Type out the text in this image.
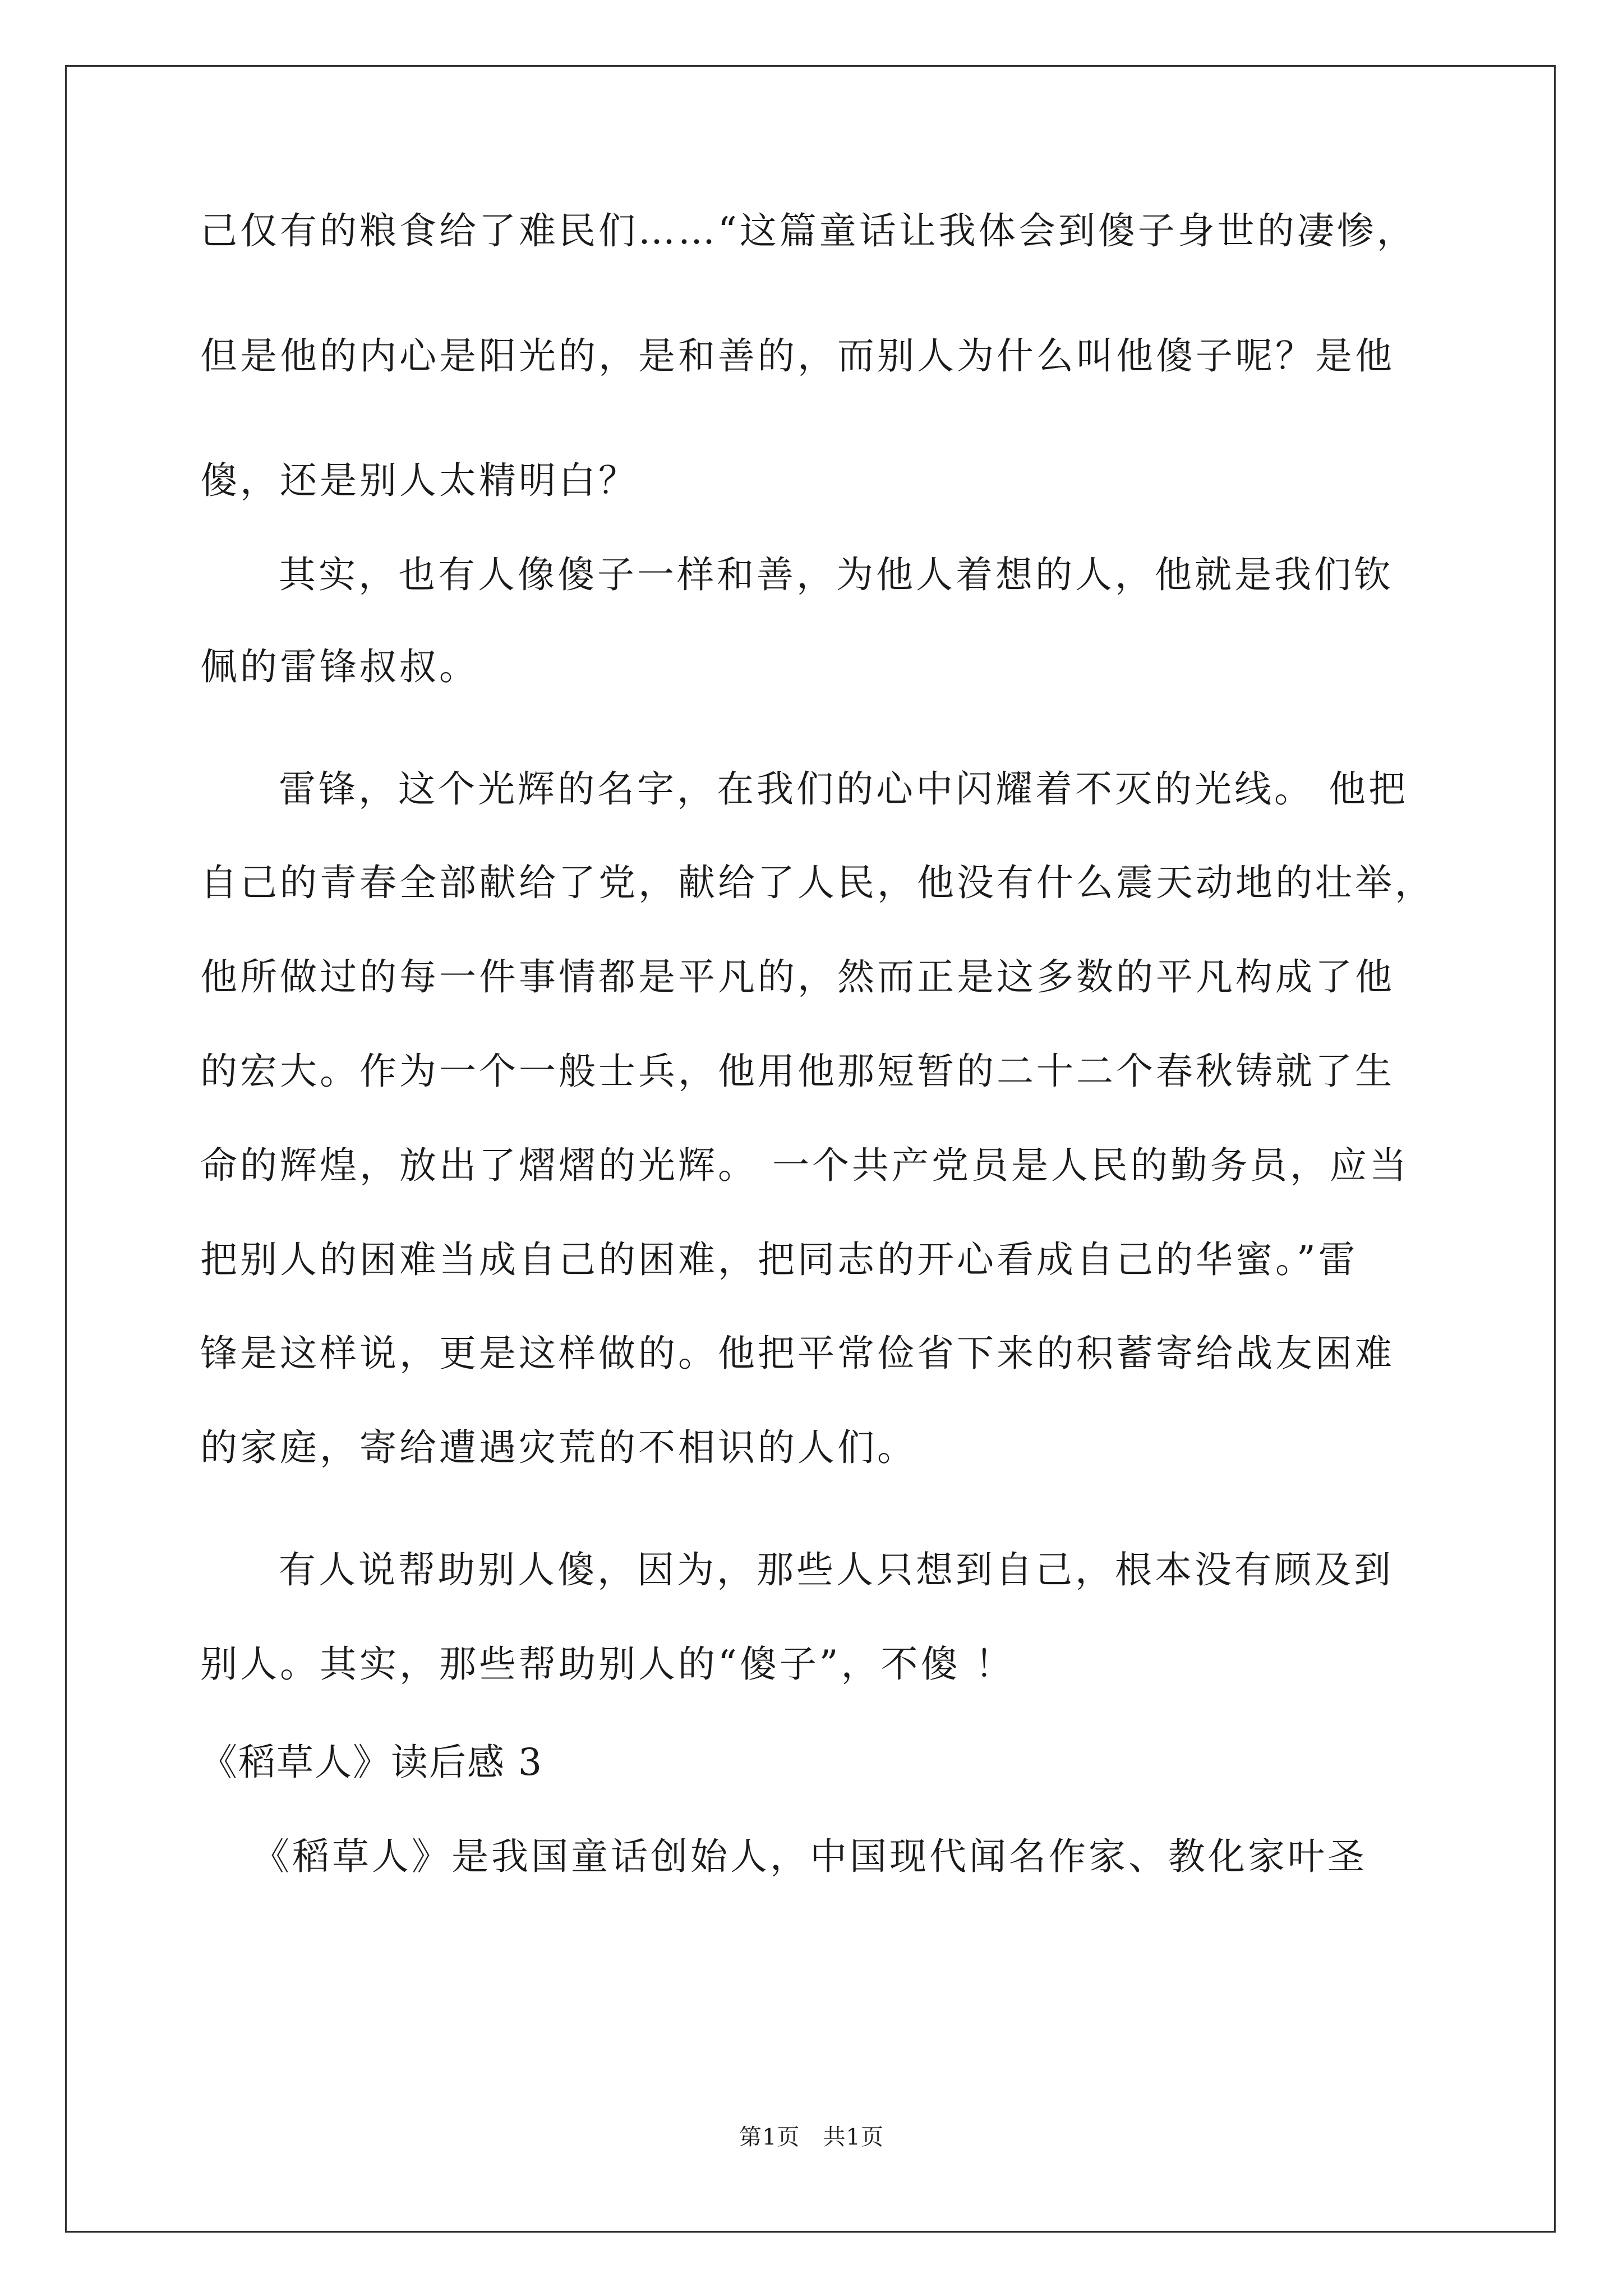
己仅有的粮食给了难民们……“这篇童话让我体会到傻子身世的凄惨，
但是他的内心是阳光的，是和善的，而别人为什么叫他傻子呢？是他
傻，还是别人太精明白？
其实，也有人像傻子一样和善，为他人着想的人，他就是我们钦
佩的雷锋叔叔。
雷锋，这个光辉的名字，在我们的心中闪耀着不灭的光线。 他把
自己的青春全部献给了党，献给了人民，他没有什么震天动地的壮举，
他所做过的每一件事情都是平凡的，然而正是这多数的平凡构成了他
的宏大。作为一个一般士兵，他用他那短暂的二十二个春秋铸就了生
命的辉煌，放出了熠熠的光辉。 一个共产党员是人民的勤务员，应当
把别人的困难当成自己的困难，把同志的开心看成自己的华蜜。”雷
锋是这样说，更是这样做的。他把平常俭省下来的积蓄寄给战友困难
的家庭，寄给遭遇灾荒的不相识的人们。
有人说帮助别人傻，因为，那些人只想到自己，根本没有顾及到
别人。其实，那些帮助别人的“傻子”，不傻 ！
《稻草人》读后感 3
《稻草人》是我国童话创始人，中国现代闻名作家、教化家叶圣
第1页   共1页
